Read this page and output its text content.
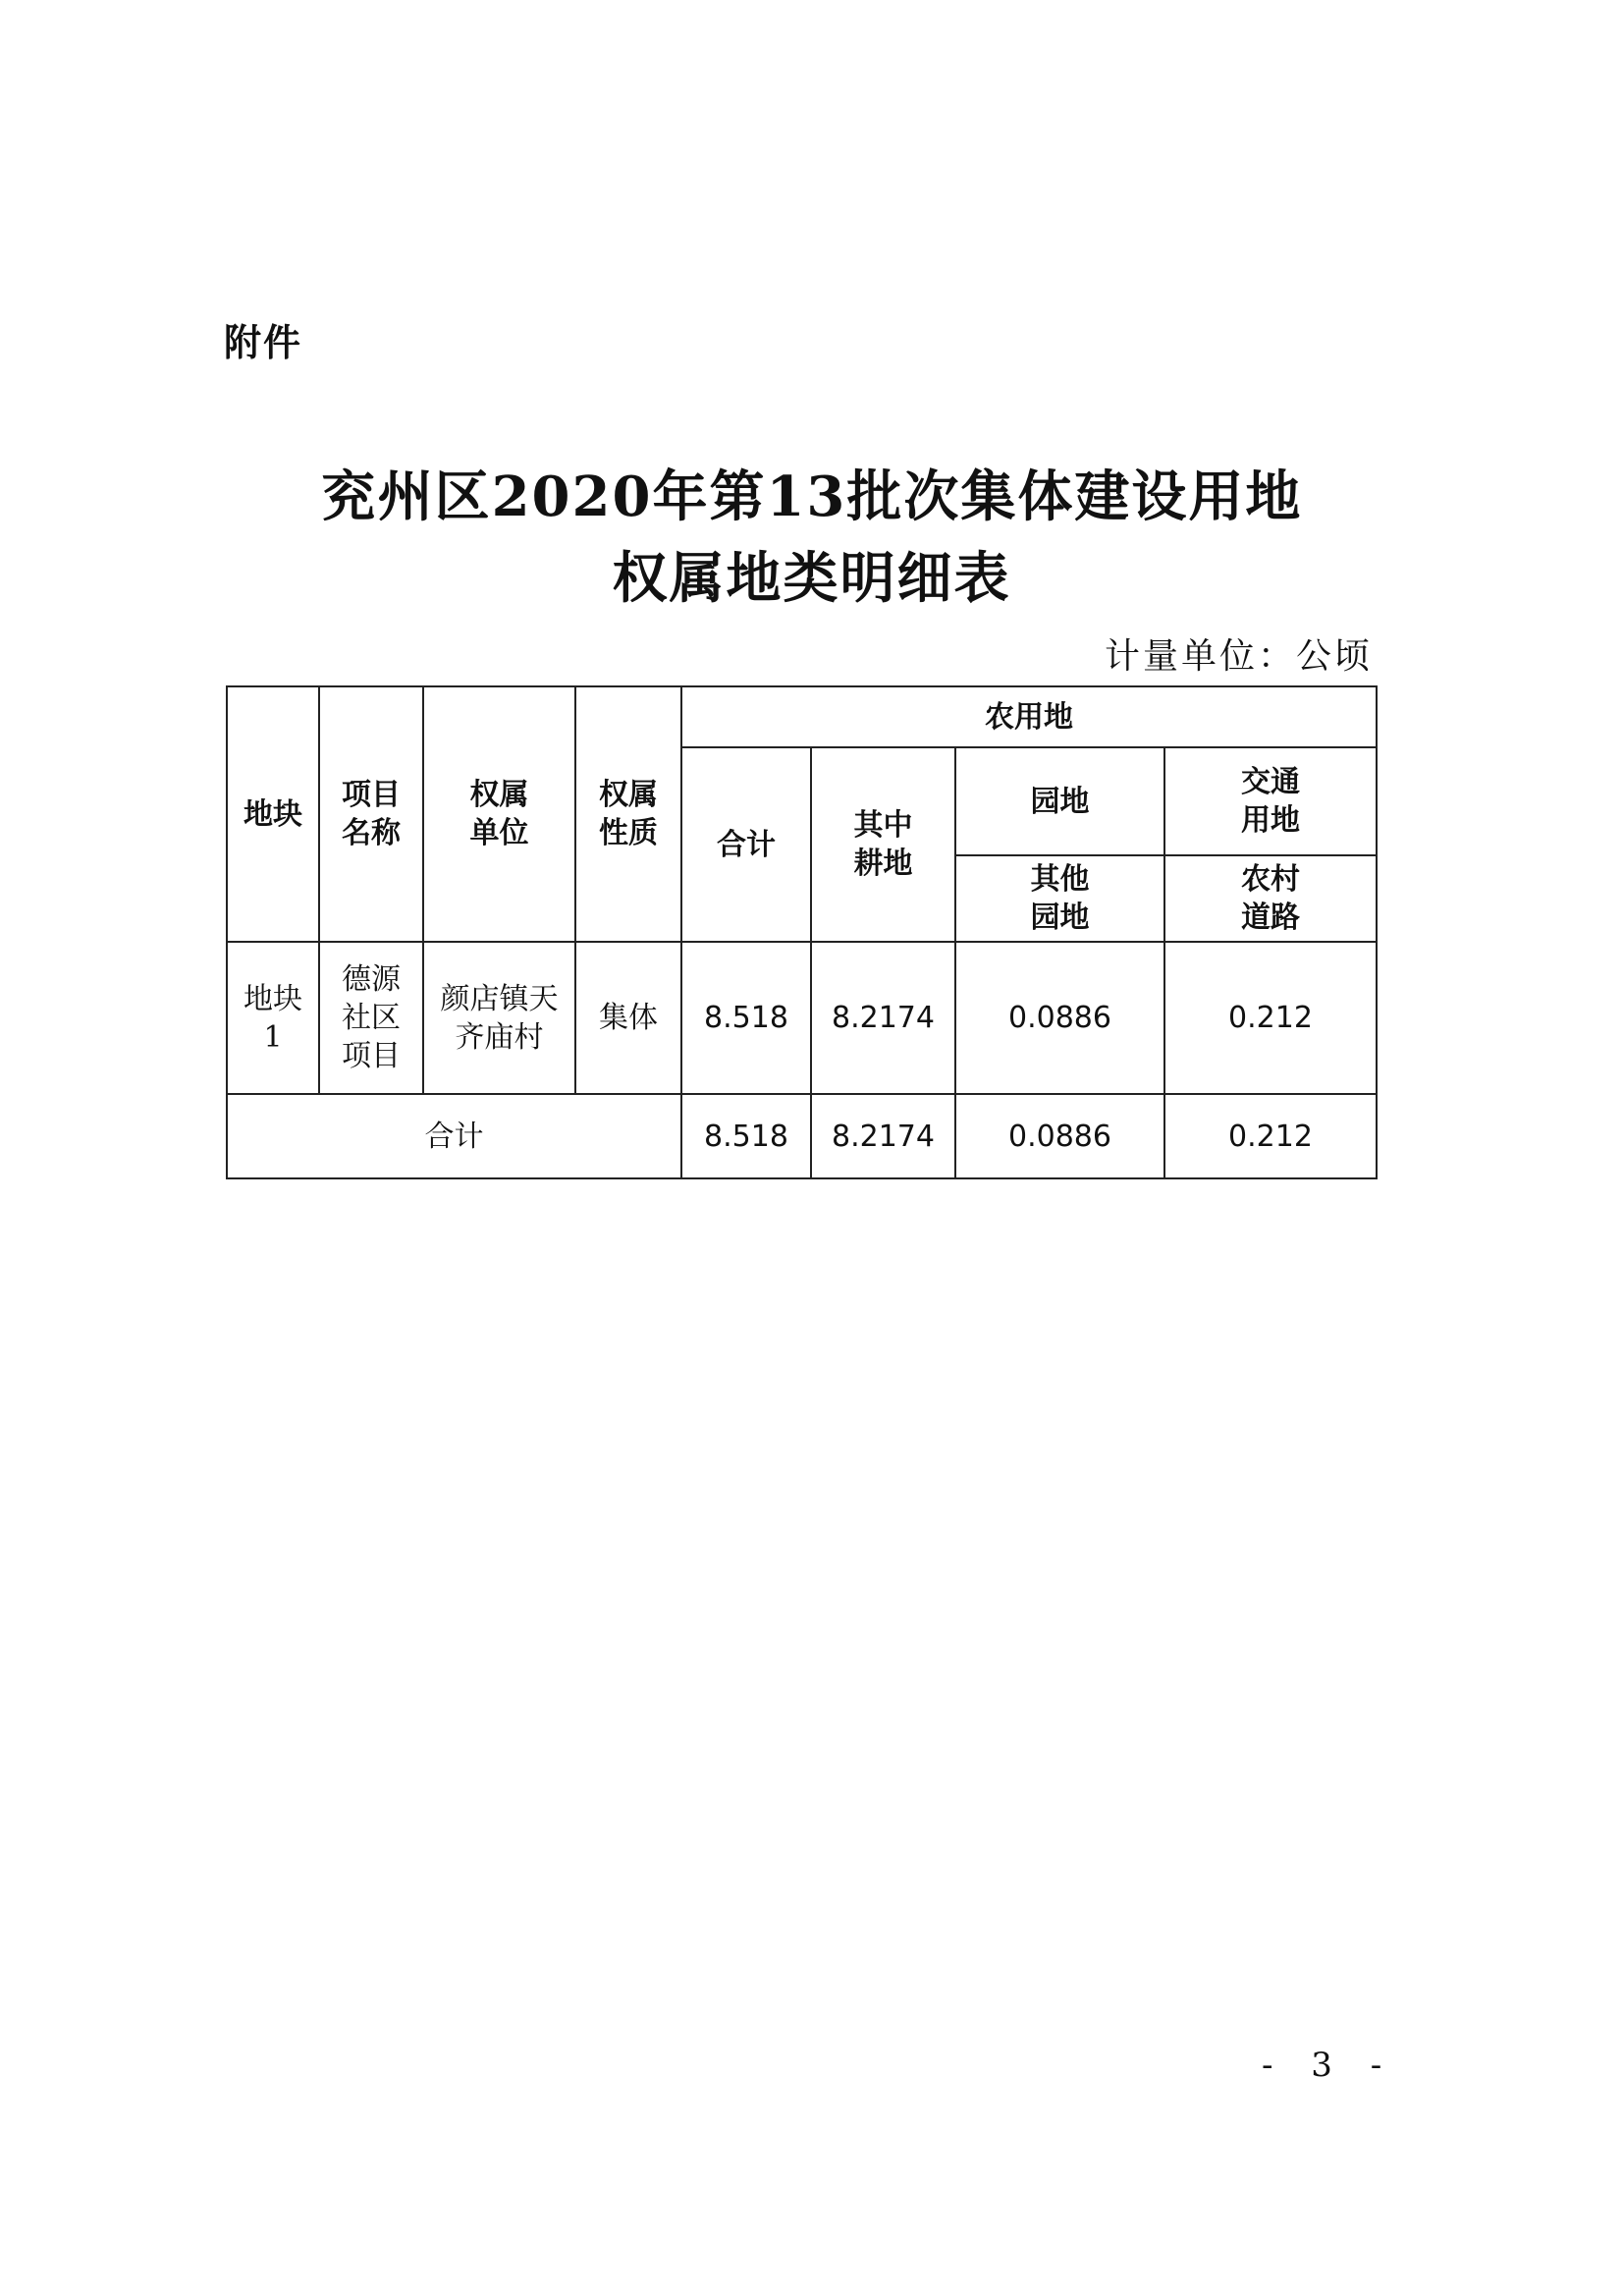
附件
兖州区2020年第13批次集体建设用地
权属地类明细表
计量单位：公顷
地块	项目名称	权属单位	权属性质	农用地			
				合计	其中耕地	园地	交通用地
						其他园地	农村道路
地块1	德源社区项目	颜店镇天齐庙村	集体	8.518	8.2174	0.0886	0.212
合计				8.518	8.2174	0.0886	0.212
- 3 -
